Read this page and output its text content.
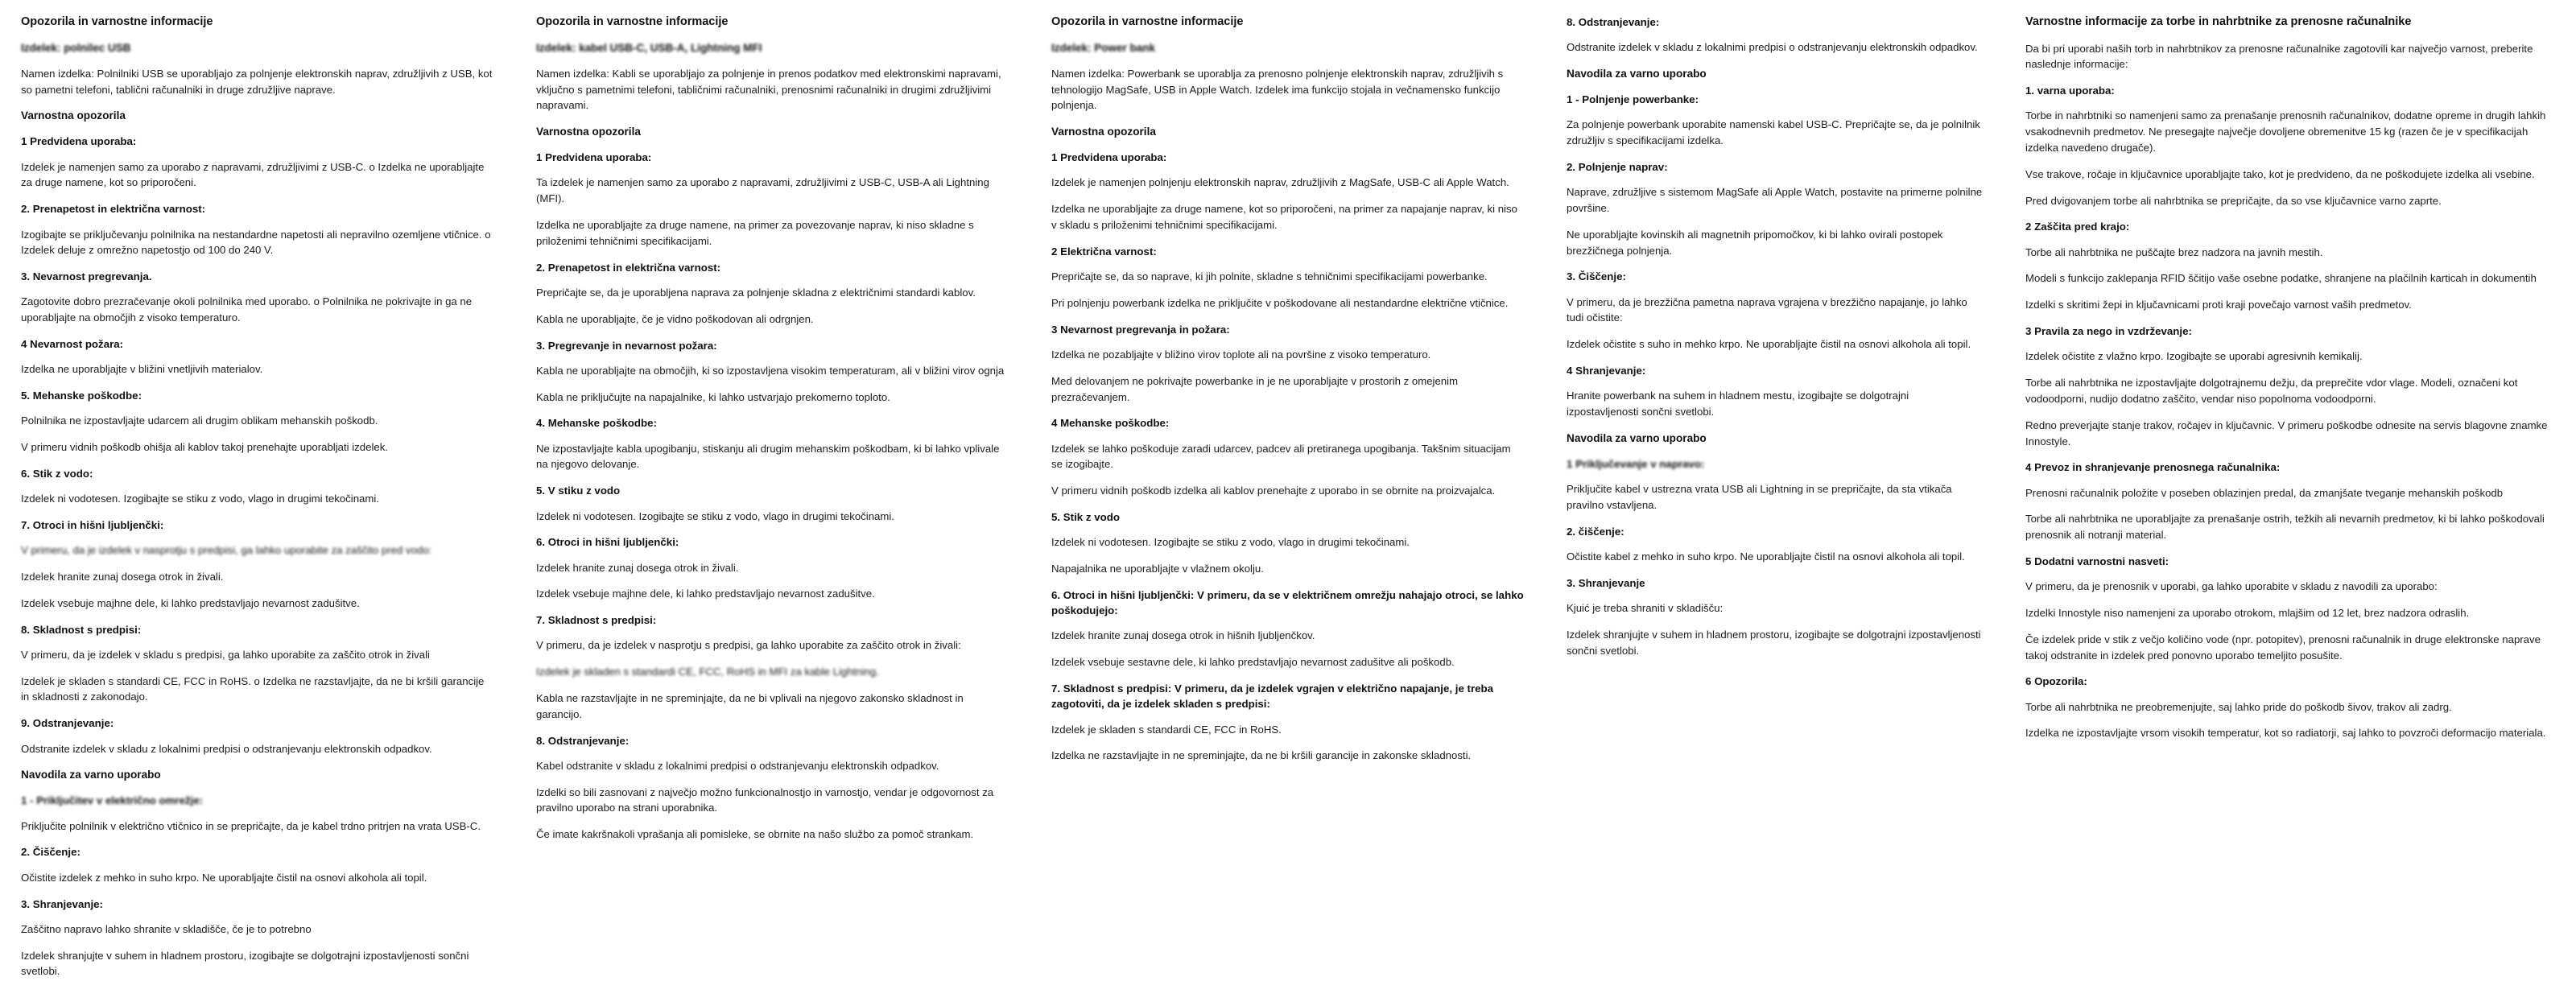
Opozorila in varnostne informacije
Izdelek: polnilec USB
Namen izdelka: Polnilniki USB se uporabljajo za polnjenje elektronskih naprav, združljivih z USB, kot so pametni telefoni, tablični računalniki in druge združljive naprave.
Varnostna opozorila
1 Predvidena uporaba:
Izdelek je namenjen samo za uporabo z napravami, združljivimi z USB-C. o Izdelka ne uporabljajte za druge namene, kot so priporočeni.
2. Prenapetost in električna varnost:
Izogibajte se priključevanju polnilnika na nestandardne napetosti ali nepravilno ozemljene vtičnice. o Izdelek deluje z omrežno napetostjo od 100 do 240 V.
3. Nevarnost pregrevanja.
Zagotovite dobro prezračevanje okoli polnilnika med uporabo. o Polnilnika ne pokrivajte in ga ne uporabljajte na območjih z visoko temperaturo.
4 Nevarnost požara:
Izdelka ne uporabljajte v bližini vnetljivih materialov.
5. Mehanske poškodbe:
Polnilnika ne izpostavljajte udarcem ali drugim oblikam mehanskih poškodb.
V primeru vidnih poškodb ohišja ali kablov takoj prenehajte uporabljati izdelek.
6. Stik z vodo:
Izdelek ni vodotesen. Izogibajte se stiku z vodo, vlago in drugimi tekočinami.
7. Otroci in hišni ljubljenčki:
V primeru, da je izdelek v nasprotju s predpisi, ga lahko uporabite za zaščito pred vodo:
Izdelek hranite zunaj dosega otrok in živali.
Izdelek vsebuje majhne dele, ki lahko predstavljajo nevarnost zadušitve.
8. Skladnost s predpisi:
V primeru, da je izdelek v skladu s predpisi, ga lahko uporabite za zaščito otrok in živali
Izdelek je skladen s standardi CE, FCC in RoHS. o Izdelka ne razstavljajte, da ne bi kršili garancije in skladnosti z zakonodajo.
9. Odstranjevanje:
Odstranite izdelek v skladu z lokalnimi predpisi o odstranjevanju elektronskih odpadkov.
Navodila za varno uporabo
1 - Priključitev v električno omrežje:
Priključite polnilnik v električno vtičnico in se prepričajte, da je kabel trdno pritrjen na vrata USB-C.
2. Čiščenje:
Očistite izdelek z mehko in suho krpo. Ne uporabljajte čistil na osnovi alkohola ali topil.
3. Shranjevanje:
Zaščitno napravo lahko shranite v skladišče, če je to potrebno
Izdelek shranjujte v suhem in hladnem prostoru, izogibajte se dolgotrajni izpostavljenosti sončni svetlobi.
Opozorila in varnostne informacije
Izdelek: kabel USB-C, USB-A, Lightning MFI
Namen izdelka: Kabli se uporabljajo za polnjenje in prenos podatkov med elektronskimi napravami, vključno s pametnimi telefoni, tabličnimi računalniki, prenosnimi računalniki in drugimi združljivimi napravami.
Varnostna opozorila
1 Predvidena uporaba:
Ta izdelek je namenjen samo za uporabo z napravami, združljivimi z USB-C, USB-A ali Lightning (MFI).
Izdelka ne uporabljajte za druge namene, na primer za povezovanje naprav, ki niso skladne s priloženimi tehničnimi specifikacijami.
2. Prenapetost in električna varnost:
Prepričajte se, da je uporabljena naprava za polnjenje skladna z električnimi standardi kablov.
Kabla ne uporabljajte, če je vidno poškodovan ali odrgnjen.
3. Pregrevanje in nevarnost požara:
Kabla ne uporabljajte na območjih, ki so izpostavljena visokim temperaturam, ali v bližini virov ognja
Kabla ne priključujte na napajalnike, ki lahko ustvarjajo prekomerno toploto.
4. Mehanske poškodbe:
Ne izpostavljajte kabla upogibanju, stiskanju ali drugim mehanskim poškodbam, ki bi lahko vplivale na njegovo delovanje.
5. V stiku z vodo
Izdelek ni vodotesen. Izogibajte se stiku z vodo, vlago in drugimi tekočinami.
6. Otroci in hišni ljubljenčki:
Izdelek hranite zunaj dosega otrok in živali.
Izdelek vsebuje majhne dele, ki lahko predstavljajo nevarnost zadušitve.
7. Skladnost s predpisi:
V primeru, da je izdelek v nasprotju s predpisi, ga lahko uporabite za zaščito otrok in živali:
Izdelek je skladen s standardi CE, FCC, RoHS in MFI za kable Lightning.
Kabla ne razstavljajte in ne spreminjajte, da ne bi vplivali na njegovo zakonsko skladnost in garancijo.
8. Odstranjevanje:
Kabel odstranite v skladu z lokalnimi predpisi o odstranjevanju elektronskih odpadkov.
Izdelki so bili zasnovani z največjo možno funkcionalnostjo in varnostjo, vendar je odgovornost za pravilno uporabo na strani uporabnika.
Če imate kakršnakoli vprašanja ali pomisleke, se obrnite na našo službo za pomoč strankam.
Opozorila in varnostne informacije
Izdelek: Power bank
Namen izdelka: Powerbank se uporablja za prenosno polnjenje elektronskih naprav, združljivih s tehnologijo MagSafe, USB in Apple Watch. Izdelek ima funkcijo stojala in večnamensko funkcijo polnjenja.
Varnostna opozorila
1 Predvidena uporaba:
Izdelek je namenjen polnjenju elektronskih naprav, združljivih z MagSafe, USB-C ali Apple Watch.
Izdelka ne uporabljajte za druge namene, kot so priporočeni, na primer za napajanje naprav, ki niso v skladu s priloženimi tehničnimi specifikacijami.
2 Električna varnost:
Prepričajte se, da so naprave, ki jih polnite, skladne s tehničnimi specifikacijami powerbanke.
Pri polnjenju powerbank izdelka ne priključite v poškodovane ali nestandardne električne vtičnice.
3 Nevarnost pregrevanja in požara:
Izdelka ne pozabljajte v bližino virov toplote ali na površine z visoko temperaturo.
Med delovanjem ne pokrivajte powerbanke in je ne uporabljajte v prostorih z omejenim prezračevanjem.
4 Mehanske poškodbe:
Izdelek se lahko poškoduje zaradi udarcev, padcev ali pretiranega upogibanja. Takšnim situacijam se izogibajte.
V primeru vidnih poškodb izdelka ali kablov prenehajte z uporabo in se obrnite na proizvajalca.
5. Stik z vodo
Izdelek ni vodotesen. Izogibajte se stiku z vodo, vlago in drugimi tekočinami.
Napajalnika ne uporabljajte v vlažnem okolju.
6. Otroci in hišni ljubljenčki: V primeru, da se v električnem omrežju nahajajo otroci, se lahko poškodujejo:
Izdelek hranite zunaj dosega otrok in hišnih ljubljenčkov.
Izdelek vsebuje sestavne dele, ki lahko predstavljajo nevarnost zadušitve ali poškodb.
7. Skladnost s predpisi: V primeru, da je izdelek vgrajen v električno napajanje, je treba zagotoviti, da je izdelek skladen s predpisi:
Izdelek je skladen s standardi CE, FCC in RoHS.
Izdelka ne razstavljajte in ne spreminjajte, da ne bi kršili garancije in zakonske skladnosti.
8. Odstranjevanje:
Odstranite izdelek v skladu z lokalnimi predpisi o odstranjevanju elektronskih odpadkov.
Navodila za varno uporabo
1 - Polnjenje powerbanke:
Za polnjenje powerbank uporabite namenski kabel USB-C. Prepričajte se, da je polnilnik združljiv s specifikacijami izdelka.
2. Polnjenje naprav:
Naprave, združljive s sistemom MagSafe ali Apple Watch, postavite na primerne polnilne površine.
Ne uporabljajte kovinskih ali magnetnih pripomočkov, ki bi lahko ovirali postopek brezžičnega polnjenja.
3. Čiščenje:
V primeru, da je brezžična pametna naprava vgrajena v brezžično napajanje, jo lahko tudi očistite:
Izdelek očistite s suho in mehko krpo. Ne uporabljajte čistil na osnovi alkohola ali topil.
4 Shranjevanje:
Hranite powerbank na suhem in hladnem mestu, izogibajte se dolgotrajni izpostavljenosti sončni svetlobi.
Navodila za varno uporabo
1 Priključevanje v napravo:
Priključite kabel v ustrezna vrata USB ali Lightning in se prepričajte, da sta vtikača pravilno vstavljena.
2. čiščenje:
Očistite kabel z mehko in suho krpo. Ne uporabljajte čistil na osnovi alkohola ali topil.
3. Shranjevanje
Kjuić je treba shraniti v skladišču:
Izdelek shranjujte v suhem in hladnem prostoru, izogibajte se dolgotrajni izpostavljenosti sončni svetlobi.
Varnostne informacije za torbe in nahrbtnike za prenosne računalnike
Da bi pri uporabi naših torb in nahrbtnikov za prenosne računalnike zagotovili kar največjo varnost, preberite naslednje informacije:
1. varna uporaba:
Torbe in nahrbtniki so namenjeni samo za prenašanje prenosnih računalnikov, dodatne opreme in drugih lahkih vsakodnevnih predmetov. Ne presegajte največje dovoljene obremenitve 15 kg (razen če je v specifikacijah izdelka navedeno drugače).
Vse trakove, ročaje in ključavnice uporabljajte tako, kot je predvideno, da ne poškodujete izdelka ali vsebine.
Pred dvigovanjem torbe ali nahrbtnika se prepričajte, da so vse ključavnice varno zaprte.
2 Zaščita pred krajo:
Torbe ali nahrbtnika ne puščajte brez nadzora na javnih mestih.
Modeli s funkcijo zaklepanja RFID ščitijo vaše osebne podatke, shranjene na plačilnih karticah in dokumentih
Izdelki s skritimi žepi in ključavnicami proti kraji povečajo varnost vaših predmetov.
3 Pravila za nego in vzdrževanje:
Izdelek očistite z vlažno krpo. Izogibajte se uporabi agresivnih kemikalij.
Torbe ali nahrbtnika ne izpostavljajte dolgotrajnemu dežju, da preprečite vdor vlage. Modeli, označeni kot vodoodporni, nudijo dodatno zaščito, vendar niso popolnoma vodoodporni.
Redno preverjajte stanje trakov, ročajev in ključavnic. V primeru poškodbe odnesite na servis blagovne znamke Innostyle.
4 Prevoz in shranjevanje prenosnega računalnika:
Prenosni računalnik položite v poseben oblazinjen predal, da zmanjšate tveganje mehanskih poškodb
Torbe ali nahrbtnika ne uporabljajte za prenašanje ostrih, težkih ali nevarnih predmetov, ki bi lahko poškodovali prenosnik ali notranji material.
5 Dodatni varnostni nasveti:
V primeru, da je prenosnik v uporabi, ga lahko uporabite v skladu z navodili za uporabo:
Izdelki Innostyle niso namenjeni za uporabo otrokom, mlajšim od 12 let, brez nadzora odraslih.
Če izdelek pride v stik z večjo količino vode (npr. potopitev), prenosni računalnik in druge elektronske naprave takoj odstranite in izdelek pred ponovno uporabo temeljito posušite.
6 Opozorila:
Torbe ali nahrbtnika ne preobremenjujte, saj lahko pride do poškodb šivov, trakov ali zadrg.
Izdelka ne izpostavljajte vrsom visokih temperatur, kot so radiatorji, saj lahko to povzroči deformacijo materiala.
